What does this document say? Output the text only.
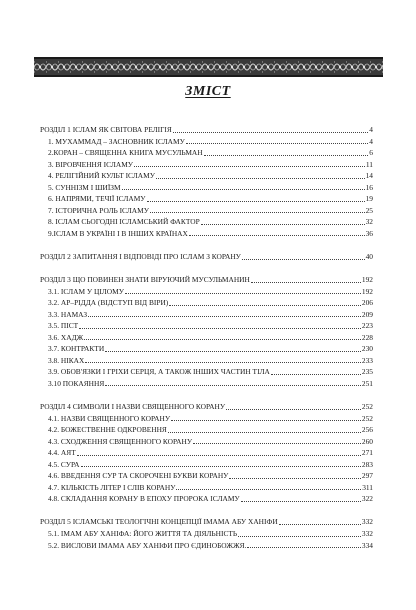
ЗМІСТ
РОЗДІЛ 1 ІСЛАМ ЯК СВІТОВА РЕЛІГІЯ	4
1. МУХАММАД – ЗАСНОВНИК ІСЛАМУ	4
2.КОРАН – СВЯЩЕННА КНИГА МУСУЛЬМАН	6
3. ВІРОВЧЕННЯ ІСЛАМУ	11
4. РЕЛІГІЙНИЙ КУЛЬТ ІСЛАМУ	14
5. СУННІЗМ І ШИЇЗМ	16
6. НАПРЯМИ, ТЕЧІЇ ІСЛАМУ	19
7. ІСТОРИЧНА РОЛЬ ІСЛАМУ	25
8. ІСЛАМ СЬОГОДНІ ІСЛАМСЬКИЙ ФАКТОР	32
9.ІСЛАМ В УКРАЇНІ І В ІНШИХ КРАЇНАХ	36
РОЗДІЛ 2 ЗАПИТАННЯ І ВІДПОВІДІ ПРО ІСЛАМ З КОРАНУ	40
РОЗДІЛ 3 ЩО ПОВИНЕН ЗНАТИ ВІРУЮЧИЙ МУСУЛЬМАНИН	192
3.1. ІСЛАМ У ЦІЛОМУ	192
3.2. АР–РІДДА (ВІДСТУП ВІД ВІРИ)	206
3.3. НАМАЗ	209
3.5. ПІСТ	223
3.6. ХАДЖ	228
3.7. КОНТРАКТИ	230
3.8. НІКАХ	233
3.9. ОБОВ'ЯЗКИ І ГРІХИ СЕРЦЯ, А ТАКОЖ ІНШИХ ЧАСТИН ТІЛА	235
3.10 ПОКАЯННЯ	251
РОЗДІЛ 4 СИМВОЛИ І НАЗВИ СВЯЩЕННОГО КОРАНУ	252
4.1. НАЗВИ СВЯЩЕННОГО КОРАНУ	252
4.2. БОЖЕСТВЕННЕ ОДКРОВЕННЯ	256
4.3. СХОДЖЕННЯ СВЯЩЕННОГО КОРАНУ	260
4.4. АЯТ	271
4.5. СУРА	283
4.6. ВВЕДЕННЯ СУР ТА СКОРОЧЕНІ БУКВИ КОРАНУ	297
4.7. КІЛЬКІСТЬ ЛІТЕР І СЛІВ КОРАНУ	311
4.8. СКЛАДАННЯ КОРАНУ В ЕПОХУ ПРОРОКА ІСЛАМУ	322
РОЗДІЛ 5 ІСЛАМСЬКІ ТЕОЛОГІЧНІ КОНЦЕПЦІЇ ІМАМА АБУ ХАНІФИ	332
5.1. ІМАМ АБУ ХАНІФА: ЙОГО ЖИТТЯ ТА ДІЯЛЬНІСТЬ	332
5.2. ВИСЛОВИ ІМАМА АБУ ХАНІФИ ПРО ЄДИНОБОЖЖЯ.	334
